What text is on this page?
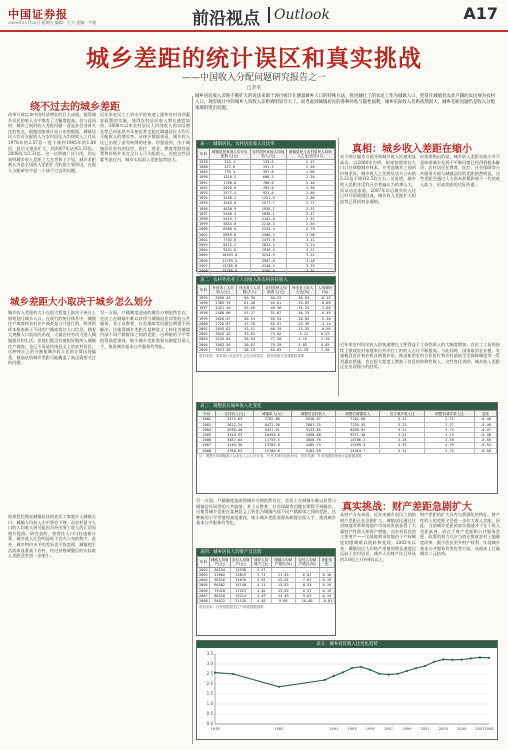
中国证券报
2009年11月20日 星期五 编辑：王力 美编：尹建	前沿视点	Outlook	A17
城乡差距的统计误区和真实挑战
——中国收入分配问题研究报告之一
□李实
城乡居民收入差距不断扩大的说法来源于现行统计在测量城乡人口的特殊方法。将进城打工的农民工作为城镇人口，把常住城镇但农业户籍的农民视为农村人口，现有统计中的城乡人均收入差距被明显夸大了。而考虑到城镇居民的各种补贴与隐性福利，城乡实际收入差距依然很大，城乡差距问题仍是收入分配领域的突出问题。
绕不过去的城乡差距
改革开放以来中国经济增长的巨大成就，使得城乡居民的收入水平都有了大幅度提高。但与此同时，城乡之间的收入差距问题一直是社会各界关注的焦点。根据国家统计局公布的数据，城镇居民人均可支配收入与农村居民人均纯收入之比从1978年的2.57倍一度下降到1985年的1.86倍，此后又逐步扩大，到2007年达到3.33倍，2008年为3.31倍。这一比例被广泛引用，用以说明城乡收入差距之大在世界上罕见。城乡差距被认为是全国收入差距扩大的最主要原因，在收入分配研究中是一个绕不过去的问题。
近年来农民工工资水平的快速上涨和农村各项惠农政策的实施，使得农村居民收入增长速度加快。2008年以来农村居民人均纯收入的实际增长率已经连续多年接近甚至超过城镇居民人均可支配收入的增长率。从统计数据来看，城乡收入比已出现了由升转降的迹象。但要看到，由于城镇居民享有的住房、医疗、养老、教育等隐性福利和补贴并未完全计入可支配收入，若把这些因素考虑在内，城乡实际收入差距依然较大。
城乡差距大小取决于城乡怎么划分
城乡收入差距的大小在很大程度上取决于统计上如何划分城乡人口。在现行的统计体系中，城镇住户调查和农村住户调查是分开进行的，两者的样本框来源于不同的户籍或常住人口信息。随着大规模人口流动的出现，大量农村劳动力进入城镇就业和生活，但他们既没有被很好地纳入城镇住户调查，也已不再是传统意义上的农村居民。这种统计上的分割使城乡收入比的计算出现偏差，被高估的城乡差距可能掩盖了真正需要关注的问题。
另一方面，户籍制度造成的城乡分割依然存在，农民工在城镇中难以获得与城镇居民同等的公共服务，其子女教育、社会保障等问题长期得不到解决。这使得城乡差距在某种意义上转化为城镇内部不同户籍群体之间的差距，这种新的不平等值得高度重视。缩小城乡差距需要从制度层面入手，推进城乡基本公共服务均等化。
如果把长期在城镇居住的农民工家庭计入城镇人口，城镇人均收入水平将会下降，而农村留守人口的人均收入则可能因为外出务工收入的汇回而相应提高。研究表明，按常住人口口径重新计算，城乡收入比会明显低于官方公布的数字。此外，城乡物价水平的差异也不容忽视，城镇的生活成本显著高于农村，经过价格调整后的实际收入差距还会进一步缩小。
表一：城镇居民、农村居民收入及比率
年份	城镇居民家庭人均可支配收入(元)	农村居民家庭人均纯收入(元)	城镇居民与农村居民人均收入之比(农村=1)
1978	343.4	133.6	2.57
1980	477.6	191.3	2.50
1985	739.1	397.6	1.86
1990	1510.2	686.3	2.20
1991	1700.6	708.6	2.40
1992	2026.6	784.0	2.58
1993	2577.4	921.6	2.80
1994	3496.2	1221.0	2.86
1995	4283.0	1577.7	2.71
1996	4838.9	1926.1	2.51
1997	5160.3	2090.1	2.47
1998	5425.1	2162.0	2.51
1999	5854.0	2210.3	2.65
2000	6280.0	2253.4	2.79
2001	6859.6	2366.4	2.90
2002	7702.8	2475.6	3.11
2003	8472.2	2622.2	3.23
2004	9421.6	2936.4	3.21
2005	10493.0	3254.9	3.22
2006	11759.5	3587.0	3.28
2007	13785.8	4140.4	3.33
2008	15780.8	4760.6	3.31
真相：城乡收入差距在缩小
若干统计偏差可能导致城乡收入比被明显高估。以2008年为例，如果按照常住人口口径调整城乡样本，并考虑城乡之间的价格差异，城乡收入之比将从官方公布的3.31倍下降到2.5倍左右。这说明，城乡收入差距并没有社会普遍认为的那么大。而从动态来看，2007年以后城乡收入比已经开始缓慢回落，城乡收入差距扩大的趋势已得到初步遏制。
但需要指出的是，城乡收入差距在缩小并不意味着城乡发展不平衡问题已经得到根本解决。农村居民在教育、医疗、社会保障等公共服务方面与城镇居民的差距依然明显，这些差距会通过人力资本积累影响下一代的收入能力，形成差距的代际传递。
表二：农村外出务工人员收入和农村居民收入
年份	外出务工人员收入(元)	外出务工人员数(万人)	农村居民人均纯收入(元)	外出务工收入占比(%)	人均增长(%)
1995	2050.43	66.39	40.22	-36.63	-8.15
1996	2385.76	61.48	45.61	-33.65	-8.86
1997	2421.10	55.68	49.36	-31.24	-7.68
1998	2488.06	53.27	51.87	-30.25	-6.49
1999	2626.07	50.53	55.53	-28.84	-5.36
2000	2720.87	47.78	61.57	-23.49	-3.14
2001	2845.62	43.51	66.34	-13.35	-0.90
2002	3016.20	39.81	73.02	-3.12	0.25
2003	3235.84	36.53	77.28	1.19	2.19
2004	3563.46	36.07	79.29	5.85	4.85
2005	3973.56	38.19	83.65	12.39	7.38
资料来源：国家统计局农村社会经济调查司，国务院研究室课题组测算
近年来农村居民收入的快速增长主要得益于工资性收入的大幅度增加。农民工工资的持续上涨使农村家庭来自外出打工的收入占比不断提高。与此同时，国家取消农业税、实施粮食直补和农机具购置补贴、推进新型农村合作医疗和农村最低生活保障制度等一系列惠农措施，也在很大程度上增加了农民的转移性收入。这些变化表明，城乡收入差距正在出现缩小的趋势。
表三：调整前后城乡收入比变化
年份	农村收入(元)	城镇收入(元)	调整后农村收入	调整后城镇收入	官方城乡收入比	调整后城乡收入比	变化
2002	2475.63	7702.80	2618.07	7102.68	3.11	2.71	-0.40
2003	2622.24	8472.20	2801.25	7755.45	3.23	2.77	-0.46
2004	2936.40	9421.61	3133.85	8596.02	3.21	2.74	-0.47
2005	3254.93	10493.0	3490.68	9572.48	3.22	2.74	-0.48
2006	3587.04	11759.5	3850.76	10706.2	3.28	2.78	-0.50
2007	4140.36	13785.8	4485.73	12499.3	3.33	2.79	-0.54
2008	4760.62	15780.8	5182.59	14264.7	3.31	2.75	-0.56
注：调整后的城镇收入以常住人口口径计算，并考虑城乡价格差异。资料来源：作者根据国家统计局数据测算
另一方面，户籍制度造成的城乡分割依然存在，农民工在城镇中难以获得与城镇居民同等的公共服务，其子女教育、社会保障等问题长期得不到解决。这使得城乡差距在某种意义上转化为城镇内部不同户籍群体之间的差距，这种新的不平等值得高度重视。缩小城乡差距需要从制度层面入手，推进城乡基本公共服务均等化。
真实挑战：财产差距急剧扩大
从财产分布来看，近年来城乡居民之间的财产差距正在急剧扩大。城镇居民通过住房制度改革和房地产市场的发展获得了大量财产性收入和资产增值，而农村居民的主要财产——宅基地和承包地由于产权制度的限制难以流转和变现。2002年以来，城镇居民人均财产净值的增长速度远远高于农村居民，城乡人均财产比已经从约3.6倍上升到4倍以上。
财产差距的扩大具有自我强化的特征，财产性收入的差距又会进一步拉大收入差距。因此，当前城乡差距的真实挑战并不在于收入差距本身，而在于财产差距和公共服务差距。政策的着力点应当放在推进农村土地制度改革、赋予农民更多财产权利、实现城乡基本公共服务均等化等方面，从根本上打破城乡二元结构。
表四：城乡居民人均财产及比较
年份	城镇人均财产(元)	农村人均财产(元)	城乡人均财产之比	城镇人均财产增长(%)	农村人均财产增长(%)	差距变化
2002	46134	12938	3.57	—	—	—
2003	51602	13819	3.73	11.85	6.81	0.16
2004	58316	14870	3.92	13.01	7.61	0.19
2005	66382	16140	4.11	13.83	8.54	0.19
2006	75420	17523	4.30	13.62	8.57	0.19
2007	86318	19214	4.49	14.45	9.65	0.19
2008	94672	21135	4.48	9.68	10.00	-0.01
资料来源：作者根据相关住户调查数据测算
表五：城乡居民收入比变化趋势
0.0
0.5
1.0
1.5
2.0
2.5
3.0
3.5
1978	1985	1991	1993	1995	1997	1999	2001	2003	2005	2007 2008
